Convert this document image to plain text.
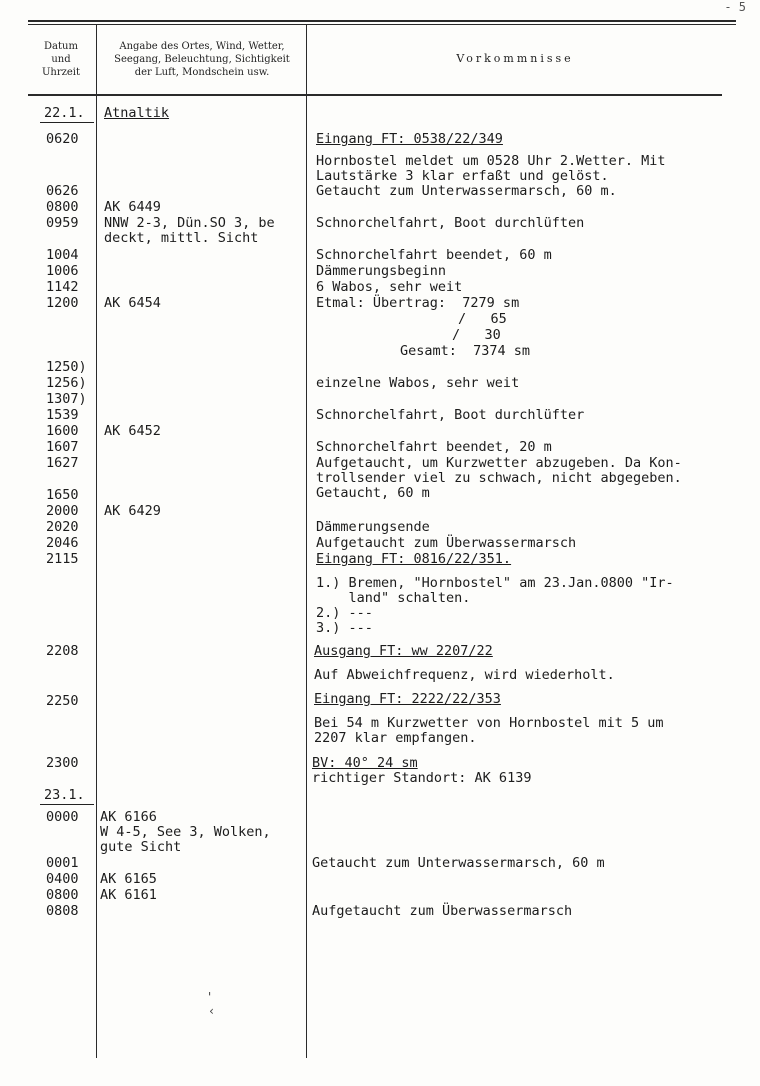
- 5
Datum
und
Uhrzeit
Angabe des Ortes, Wind, Wetter,
Seegang, Beleuchtung, Sichtigkeit
der Luft, Mondschein usw.
Vorkommnisse
22.1.
0620
0626
0800
0959
1004
1006
1142
1200
1250)
1256)
1307)
1539
1600
1607
1627
1650
2000
2020
2046
2115
2208
2250
2300
23.1.
0000
0001
0400
0800
0808
Atnaltik
AK 6449
NNW 2-3, Dün.SO 3, be
deckt, mittl. Sicht
AK 6454
AK 6452
AK 6429
AK 6166
W 4-5, See 3, Wolken,
gute Sicht
AK 6165
AK 6161
Eingang FT: 0538/22/349
Hornbostel meldet um 0528 Uhr 2.Wetter. Mit
Lautstärke 3 klar erfaßt und gelöst.
Getaucht zum Unterwassermarsch, 60 m.
Schnorchelfahrt, Boot durchlüften
Schnorchelfahrt beendet, 60 m
Dämmerungsbeginn
6 Wabos, sehr weit
Etmal: Übertrag:  7279 sm
/   65
/   30
Gesamt:  7374 sm
einzelne Wabos, sehr weit
Schnorchelfahrt, Boot durchlüfter
Schnorchelfahrt beendet, 20 m
Aufgetaucht, um Kurzwetter abzugeben. Da Kon-
trollsender viel zu schwach, nicht abgegeben.
Getaucht, 60 m
Dämmerungsende
Aufgetaucht zum Überwassermarsch
Eingang FT: 0816/22/351.
1.) Bremen, "Hornbostel" am 23.Jan.0800 "Ir-
land" schalten.
2.) ---
3.) ---
Ausgang FT: ww 2207/22
Auf Abweichfrequenz, wird wiederholt.
Eingang FT: 2222/22/353
Bei 54 m Kurzwetter von Hornbostel mit 5 um
2207 klar empfangen.
BV: 40° 24 sm
richtiger Standort: AK 6139
Getaucht zum Unterwassermarsch, 60 m
Aufgetaucht zum Überwassermarsch
'
‹
